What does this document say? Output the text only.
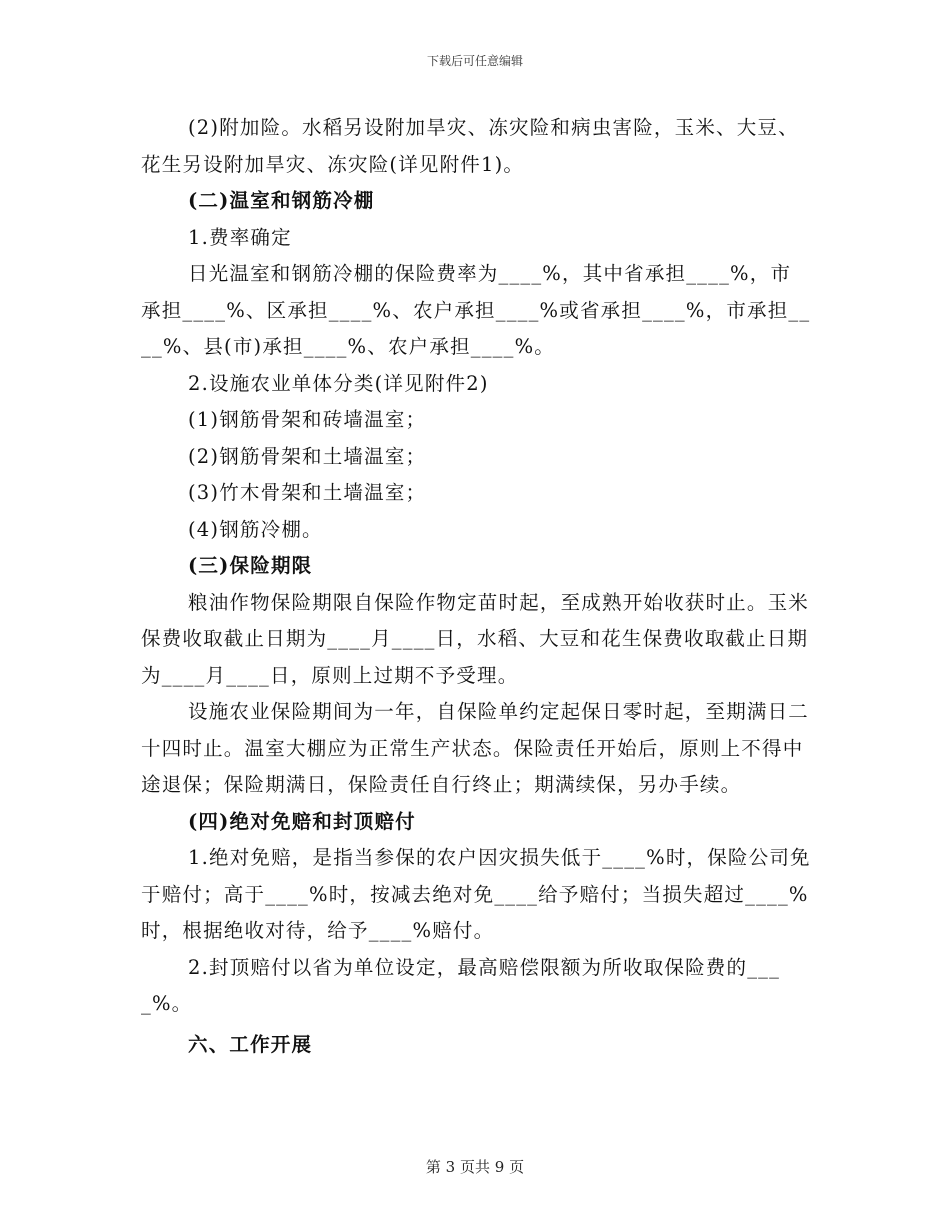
下载后可任意编辑

(2)附加险。水稻另设附加旱灾、冻灾险和病虫害险，玉米、大豆、花生另设附加旱灾、冻灾险(详见附件1)。

(二)温室和钢筋冷棚

1.费率确定

日光温室和钢筋冷棚的保险费率为____%，其中省承担____%，市承担____%、区承担____%、农户承担____%或省承担____%，市承担____%、县(市)承担____%、农户承担____%。

2.设施农业单体分类(详见附件2)

(1)钢筋骨架和砖墙温室；

(2)钢筋骨架和土墙温室；

(3)竹木骨架和土墙温室；

(4)钢筋冷棚。

(三)保险期限

粮油作物保险期限自保险作物定苗时起，至成熟开始收获时止。玉米保费收取截止日期为____月____日，水稻、大豆和花生保费收取截止日期为____月____日，原则上过期不予受理。

设施农业保险期间为一年，自保险单约定起保日零时起，至期满日二十四时止。温室大棚应为正常生产状态。保险责任开始后，原则上不得中途退保；保险期满日，保险责任自行终止；期满续保，另办手续。

(四)绝对免赔和封顶赔付

1.绝对免赔，是指当参保的农户因灾损失低于____%时，保险公司免于赔付；高于____%时，按减去绝对免____给予赔付；当损失超过____%时，根据绝收对待，给予____%赔付。

2.封顶赔付以省为单位设定，最高赔偿限额为所收取保险费的____%。

六、工作开展

第 3 页共 9 页
